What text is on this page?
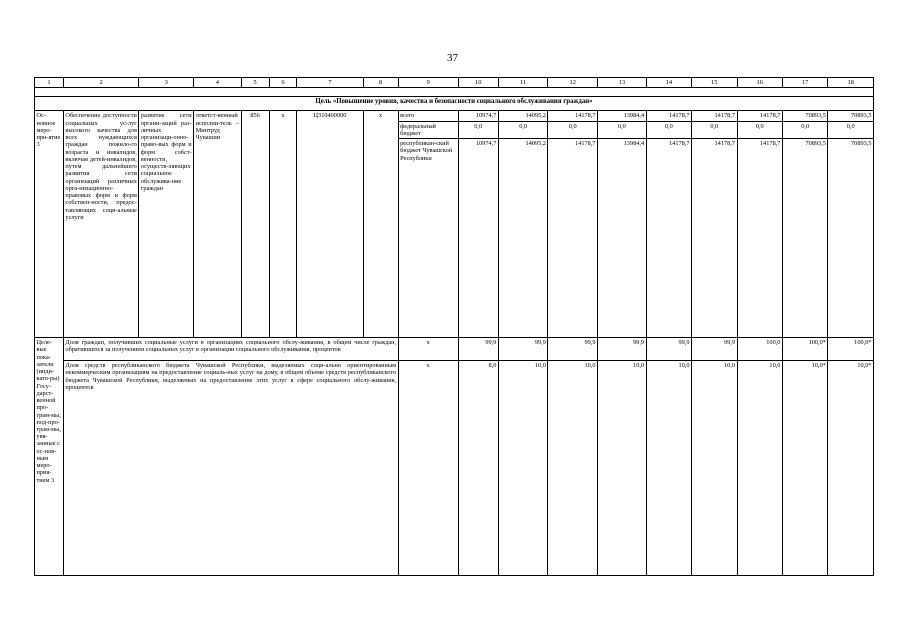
37
1	2	3	4	5	6	7	8	9	10	11	12	13	14	15	16	17	18

Цель «Повышение уровня, качества и безопасности социального обслуживания граждан»																	
Ос-новное меро-при-ятие 3	Обеспечение доступности социальных ус-луг высокого качества для всех нуждающихся граждан пожило-го возраста и инвалидов, включая детей-инвалидов, путем дальнейшего развития сети организаций различных орга-низационно-правовых форм и форм собствен-ности, предос-тавляющих соци-альные услуги	развитие сети органи-заций раз-личных организаци-онно-право-вых форм и форм собст-венности, осуществ-ляющих социальное обслужива-ние граждан	ответст-венный исполни-тель – Минтруд Чувашии	856	х	Ц310400000	х	всего	10974,7	14095,2	14178,7	13984,4	14178,7	14178,7	14178,7	70893,5	70893,5
								федеральный бюджет	0,0	0,0	0,0	0,0	0,0	0,0	0,0	0,0	0,0
								республикан-ский бюджет Чувашской Республики	10974,7	14095,2	14178,7	13984,4	14178,7	14178,7	14178,7	70893,5	70893,5
Целе-вые пока-затели (инди-като-ры) Госу-дарст-венной про-грам-мы, под-про-грам-мы, увя-занные с ос-нов-ным меро-прия-тием 3	Доля граждан, получивших социальные услуги в организациях социального обслу-живания, в общем числе граждан, обратившихся за получением социальных услуг в организации социального обслуживания, процентов							х	99,9	99,9	99,9	99,9	99,9	99,9	100,0	100,0*	100,0*
	Доля средств республиканского бюджета Чувашской Республики, выделяемых соци-ально ориентированным некоммерческим организациям на предоставление социаль-ных услуг на дому, в общем объеме средств республиканского бюджета Чувашской Республики, выделяемых на предоставление этих услуг в сфере социального обслу-живания, процентов							х	8,0	10,0	10,0	10,0	10,0	10,0	10,0	10,0*	10,0*
